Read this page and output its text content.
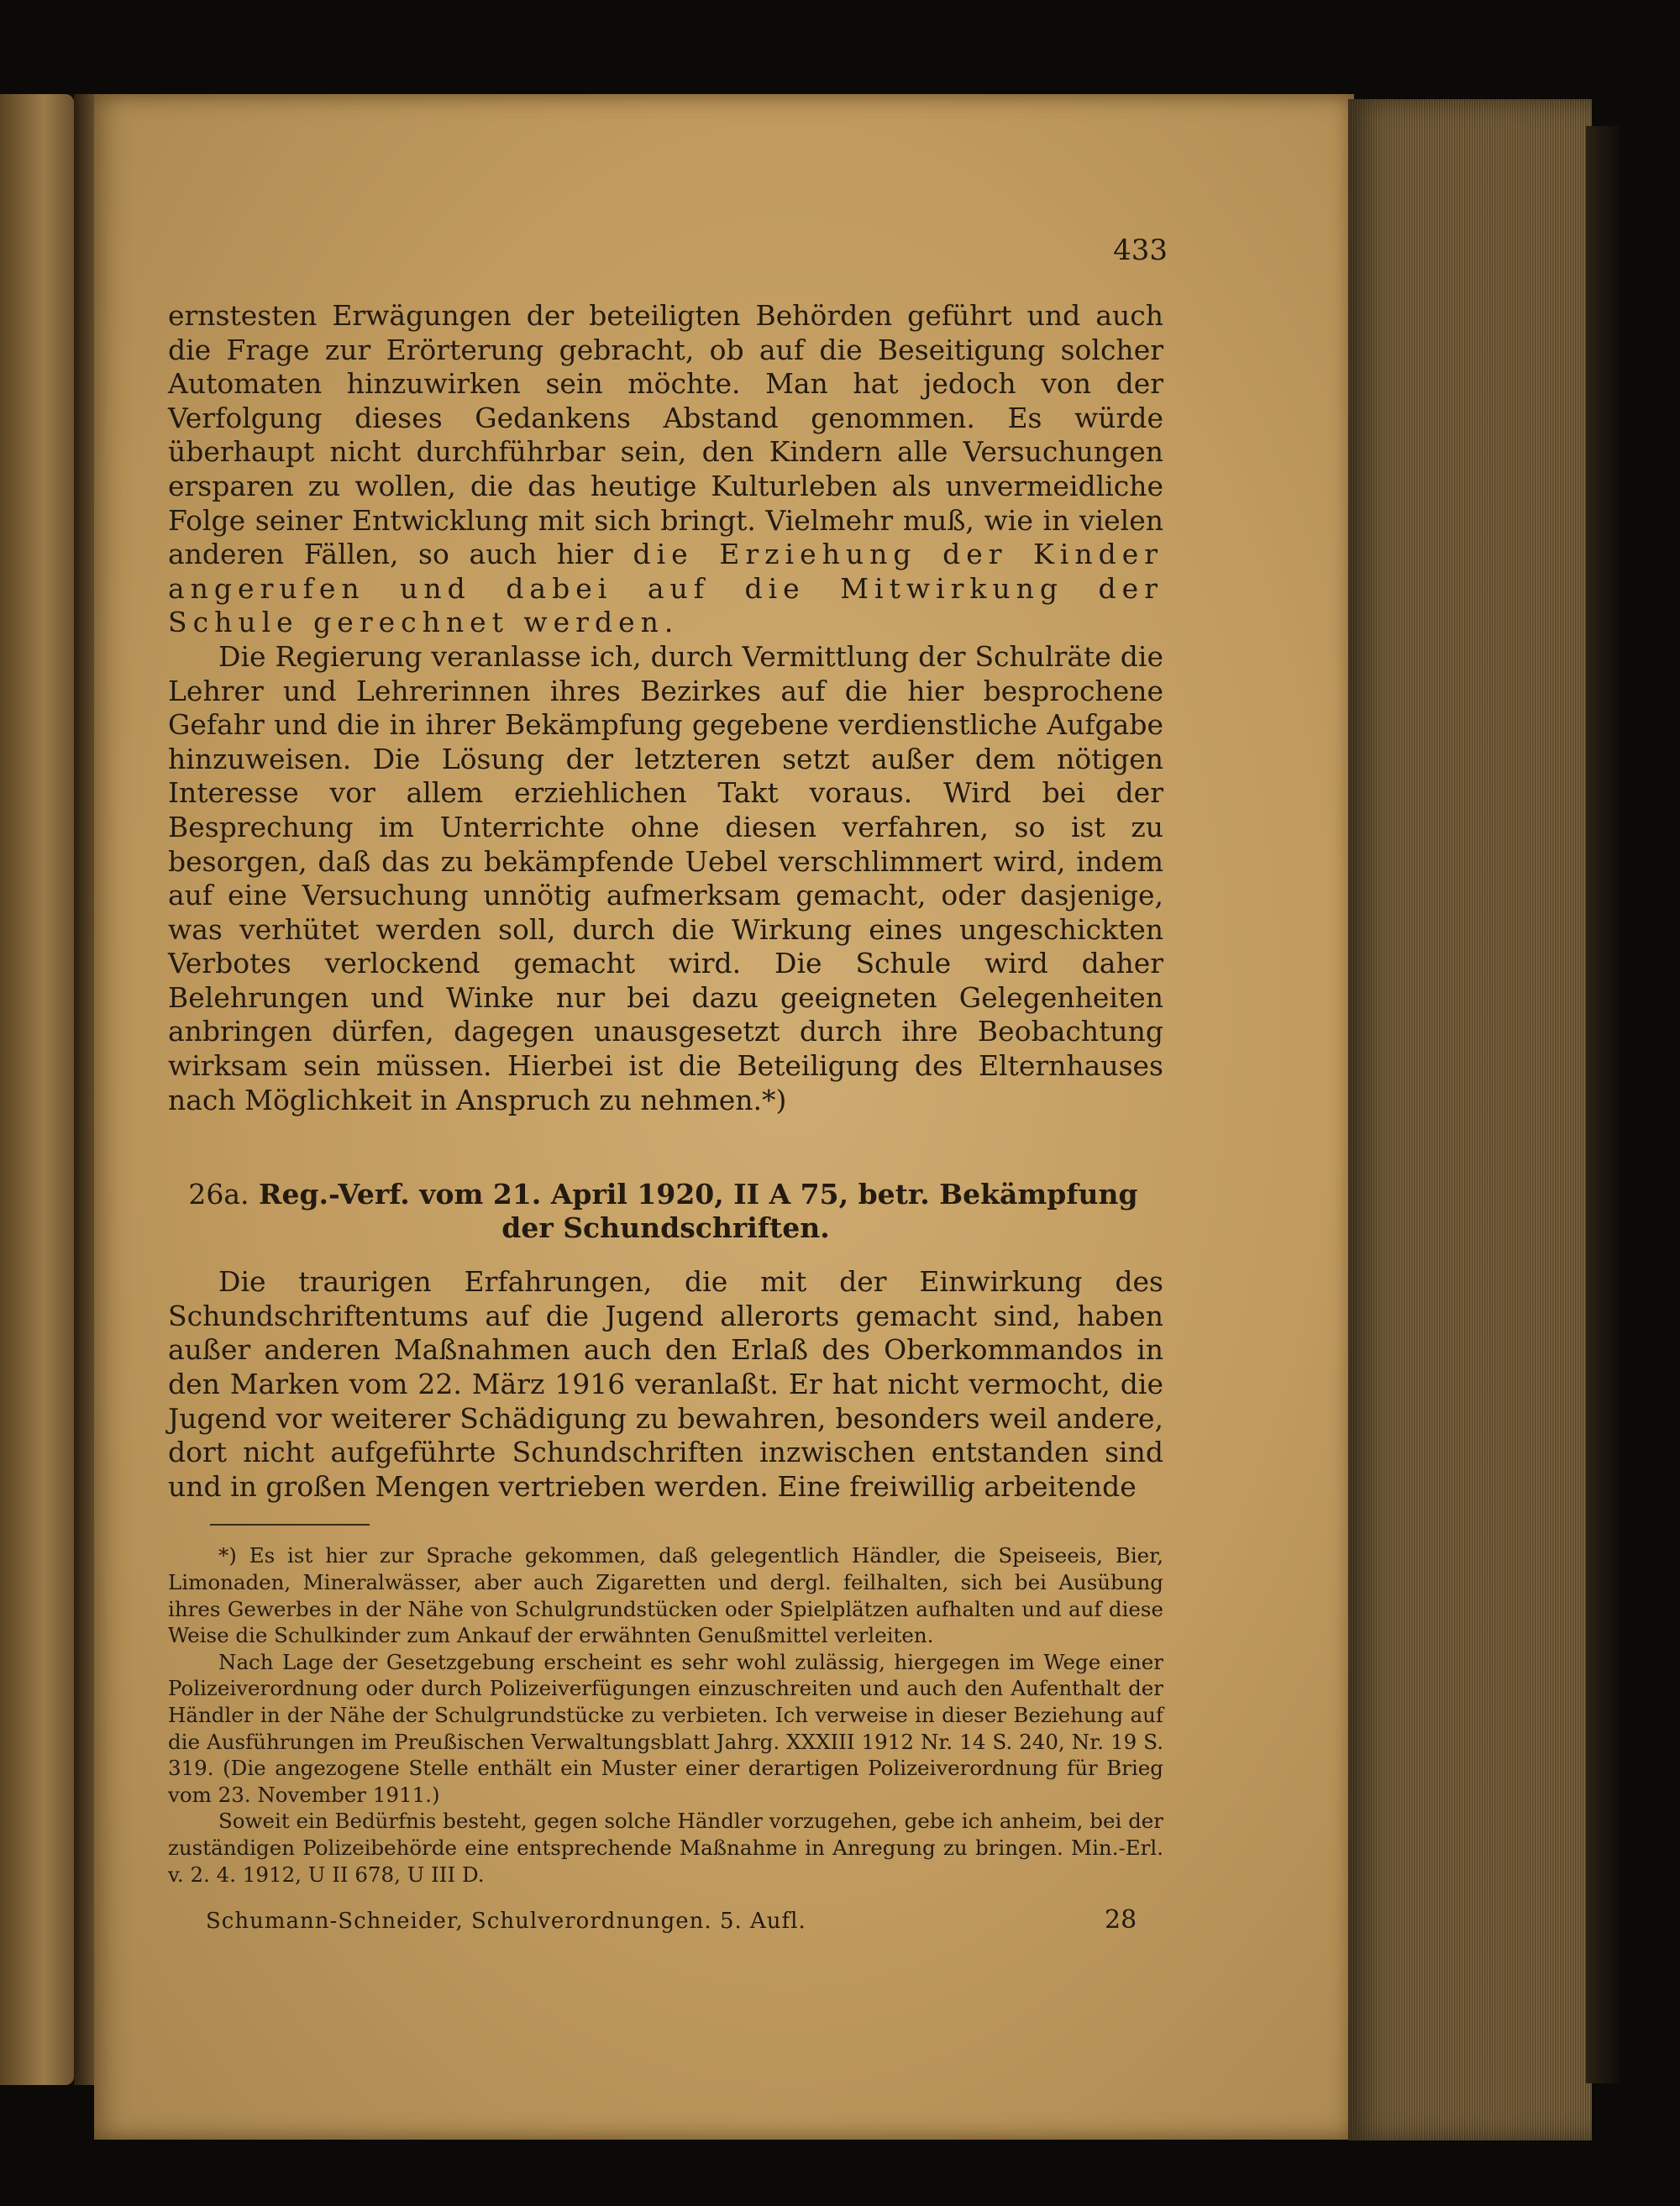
433

ernstesten Erwägungen der beteiligten Behörden geführt und auch die Frage zur Erörterung gebracht, ob auf die Beseitigung solcher Automaten hinzuwirken sein möchte. Man hat jedoch von der Verfolgung dieses Gedankens Abstand genommen. Es würde überhaupt nicht durchführbar sein, den Kindern alle Versuchungen ersparen zu wollen, die das heutige Kulturleben als unvermeidliche Folge seiner Entwicklung mit sich bringt. Vielmehr muß, wie in vielen anderen Fällen, so auch hier die Erziehung der Kinder angerufen und dabei auf die Mitwirkung der Schule gerechnet werden.

Die Regierung veranlasse ich, durch Vermittlung der Schulräte die Lehrer und Lehrerinnen ihres Bezirkes auf die hier besprochene Gefahr und die in ihrer Bekämpfung gegebene verdienstliche Aufgabe hinzuweisen. Die Lösung der letzteren setzt außer dem nötigen Interesse vor allem erziehlichen Takt voraus. Wird bei der Besprechung im Unterrichte ohne diesen verfahren, so ist zu besorgen, daß das zu bekämpfende Uebel verschlimmert wird, indem auf eine Versuchung unnötig aufmerksam gemacht, oder dasjenige, was verhütet werden soll, durch die Wirkung eines ungeschickten Verbotes verlockend gemacht wird. Die Schule wird daher Belehrungen und Winke nur bei dazu geeigneten Gelegenheiten anbringen dürfen, dagegen unausgesetzt durch ihre Beobachtung wirksam sein müssen. Hierbei ist die Beteiligung des Elternhauses nach Möglichkeit in Anspruch zu nehmen.*)

26a. Reg.-Verf. vom 21. April 1920, II A 75, betr. Bekämpfung der Schundschriften.

Die traurigen Erfahrungen, die mit der Einwirkung des Schundschriftentums auf die Jugend allerorts gemacht sind, haben außer anderen Maßnahmen auch den Erlaß des Oberkommandos in den Marken vom 22. März 1916 veranlaßt. Er hat nicht vermocht, die Jugend vor weiterer Schädigung zu bewahren, besonders weil andere, dort nicht aufgeführte Schundschriften inzwischen entstanden sind und in großen Mengen vertrieben werden. Eine freiwillig arbeitende

*) Es ist hier zur Sprache gekommen, daß gelegentlich Händler, die Speiseeis, Bier, Limonaden, Mineralwässer, aber auch Zigaretten und dergl. feilhalten, sich bei Ausübung ihres Gewerbes in der Nähe von Schulgrundstücken oder Spielplätzen aufhalten und auf diese Weise die Schulkinder zum Ankauf der erwähnten Genußmittel verleiten.

Nach Lage der Gesetzgebung erscheint es sehr wohl zulässig, hiergegen im Wege einer Polizeiverordnung oder durch Polizeiverfügungen einzuschreiten und auch den Aufenthalt der Händler in der Nähe der Schulgrundstücke zu verbieten. Ich verweise in dieser Beziehung auf die Ausführungen im Preußischen Verwaltungsblatt Jahrg. XXXIII 1912 Nr. 14 S. 240, Nr. 19 S. 319. (Die angezogene Stelle enthält ein Muster einer derartigen Polizeiverordnung für Brieg vom 23. November 1911.)

Soweit ein Bedürfnis besteht, gegen solche Händler vorzugehen, gebe ich anheim, bei der zuständigen Polizeibehörde eine entsprechende Maßnahme in Anregung zu bringen. Min.-Erl. v. 2. 4. 1912, U II 678, U III D.

Schumann-Schneider, Schulverordnungen. 5. Aufl.	28
